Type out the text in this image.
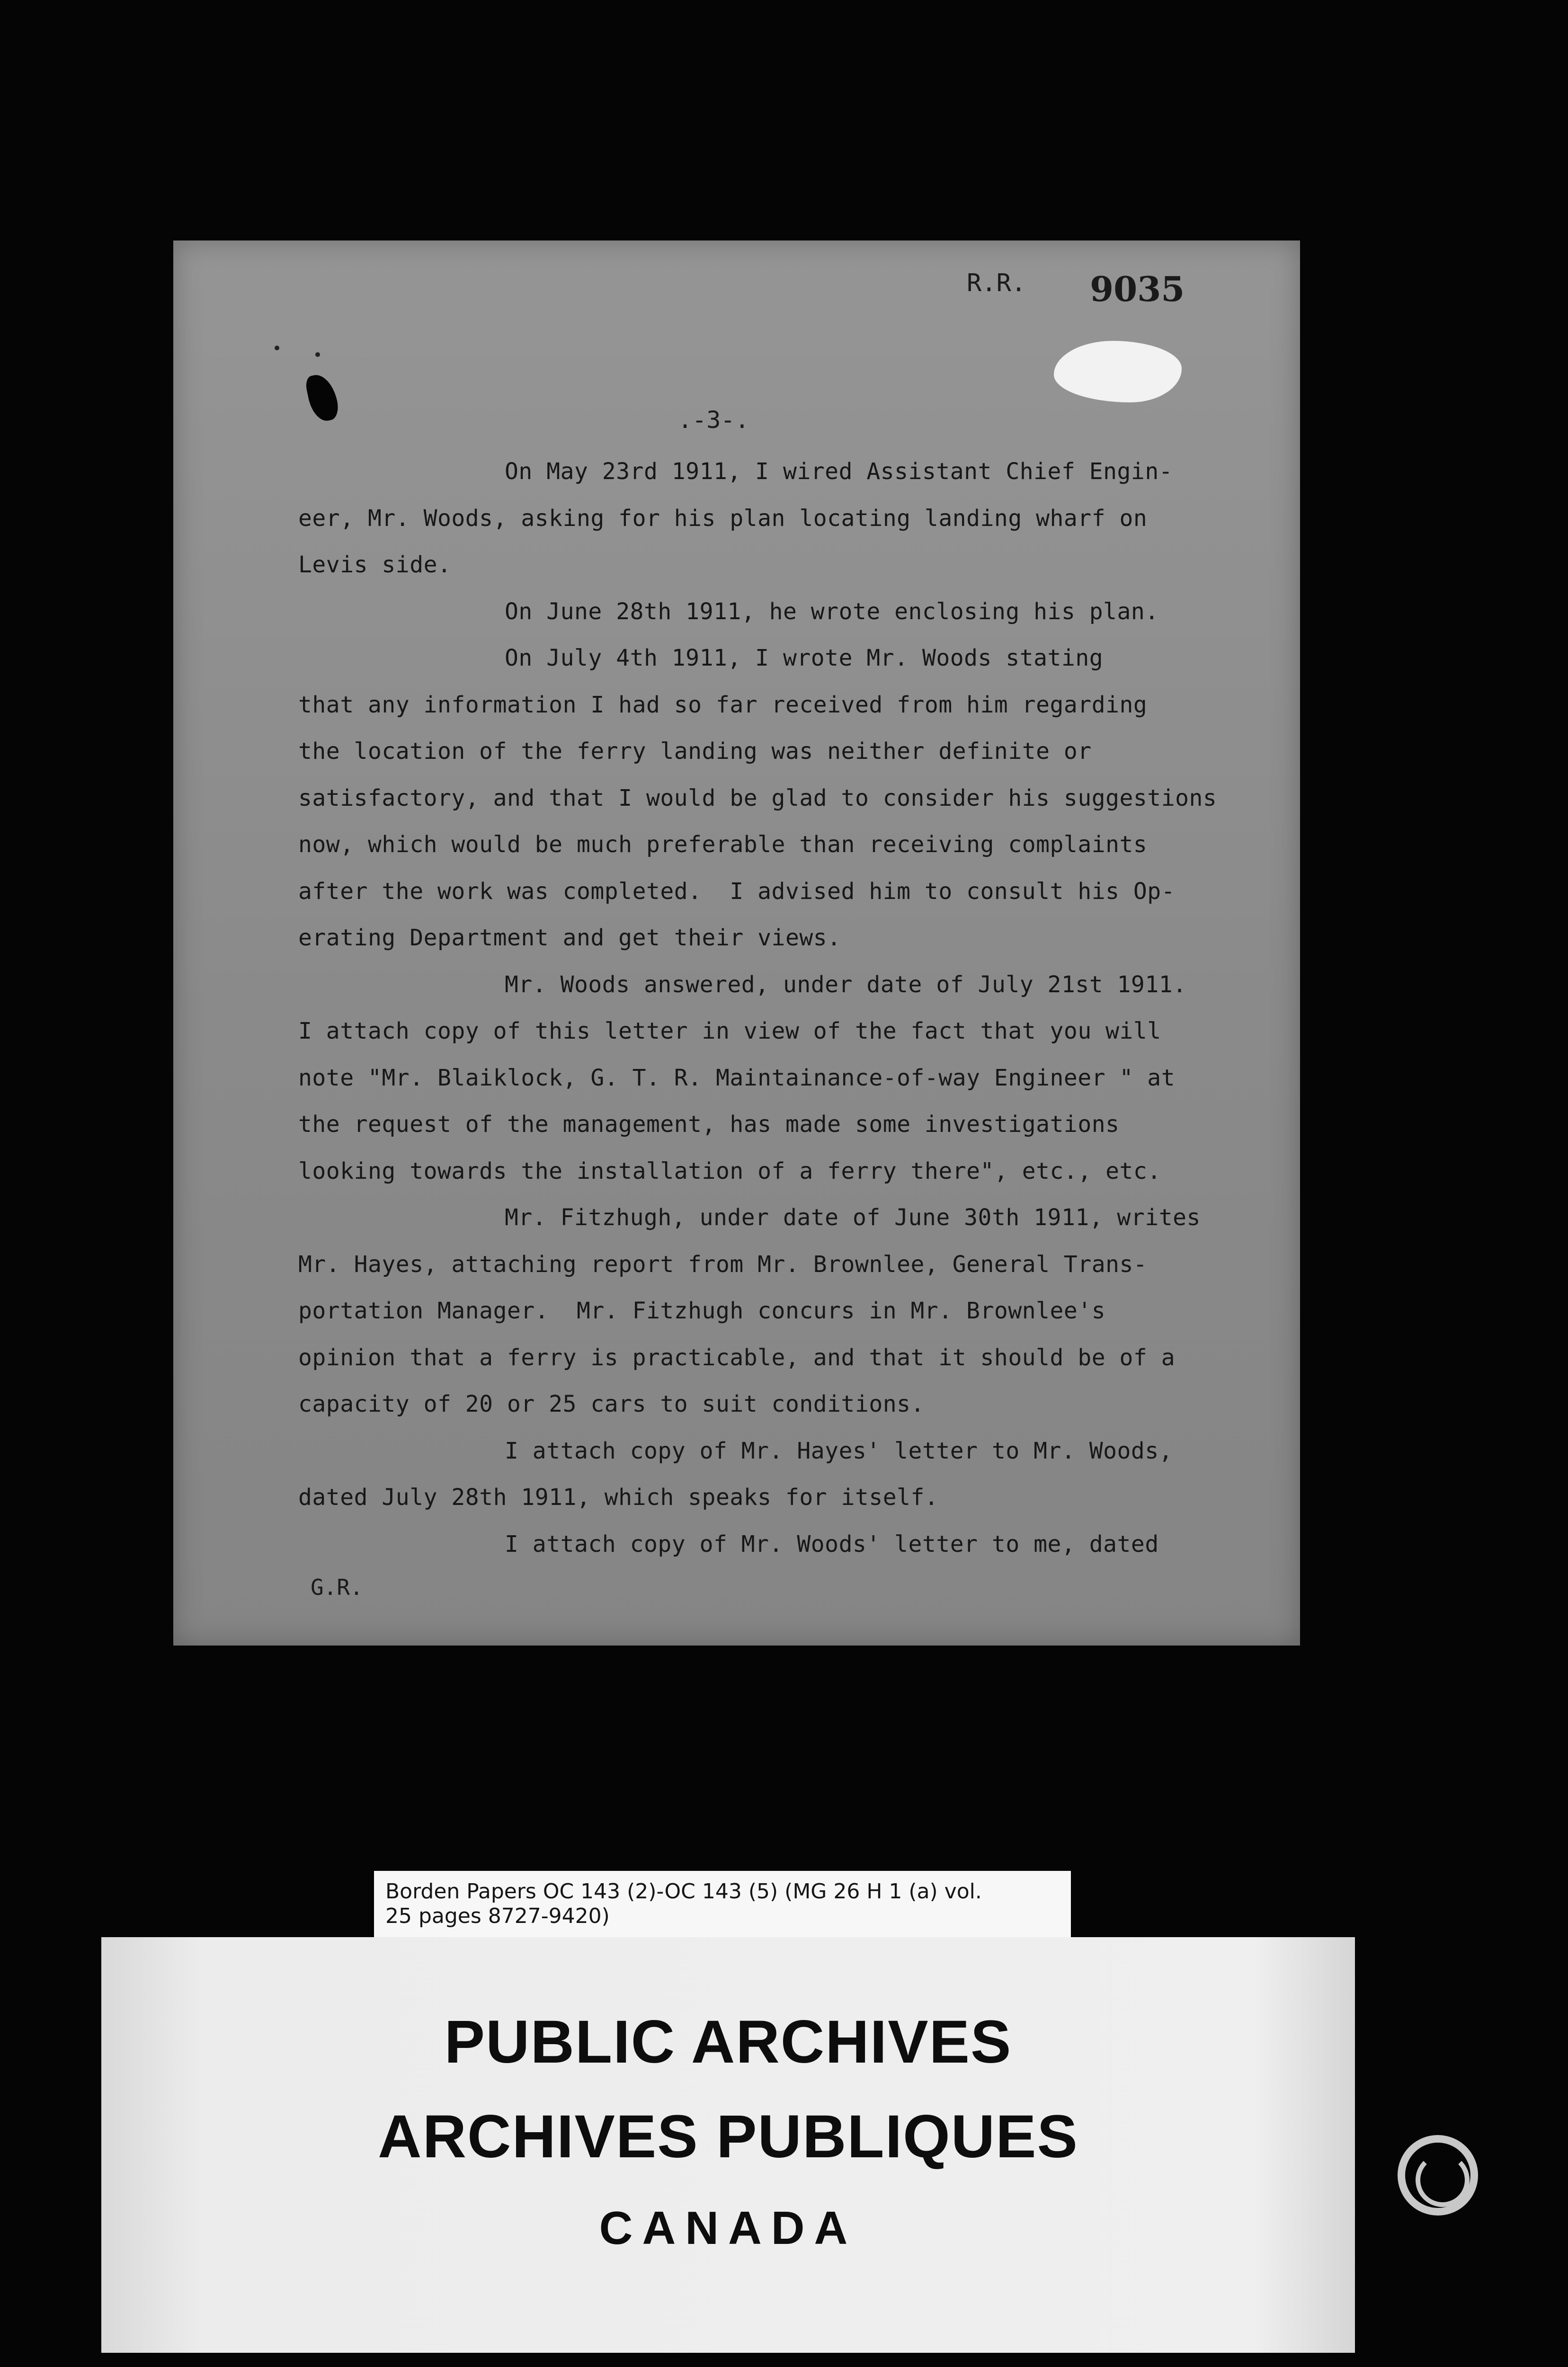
R.R. 9035
.-3-.
On May 23rd 1911, I wired Assistant Chief Engin-
eer, Mr. Woods, asking for his plan locating landing wharf on
Levis side.
On June 28th 1911, he wrote enclosing his plan.
On July 4th 1911, I wrote Mr. Woods stating
that any information I had so far received from him regarding
the location of the ferry landing was neither definite or
satisfactory, and that I would be glad to consider his suggestions
now, which would be much preferable than receiving complaints
after the work was completed.  I advised him to consult his Op-
erating Department and get their views.
Mr. Woods answered, under date of July 21st 1911.
I attach copy of this letter in view of the fact that you will
note "Mr. Blaiklock, G. T. R. Maintainance-of-way Engineer " at
the request of the management, has made some investigations
looking towards the installation of a ferry there", etc., etc.
Mr. Fitzhugh, under date of June 30th 1911, writes
Mr. Hayes, attaching report from Mr. Brownlee, General Trans-
portation Manager.  Mr. Fitzhugh concurs in Mr. Brownlee's
opinion that a ferry is practicable, and that it should be of a
capacity of 20 or 25 cars to suit conditions.
I attach copy of Mr. Hayes' letter to Mr. Woods,
dated July 28th 1911, which speaks for itself.
I attach copy of Mr. Woods' letter to me, dated
G.R.
Borden Papers OC 143 (2)-OC 143 (5) (MG 26 H 1 (a) vol.
25 pages 8727-9420)
PUBLIC ARCHIVES
ARCHIVES PUBLIQUES
CANADA
